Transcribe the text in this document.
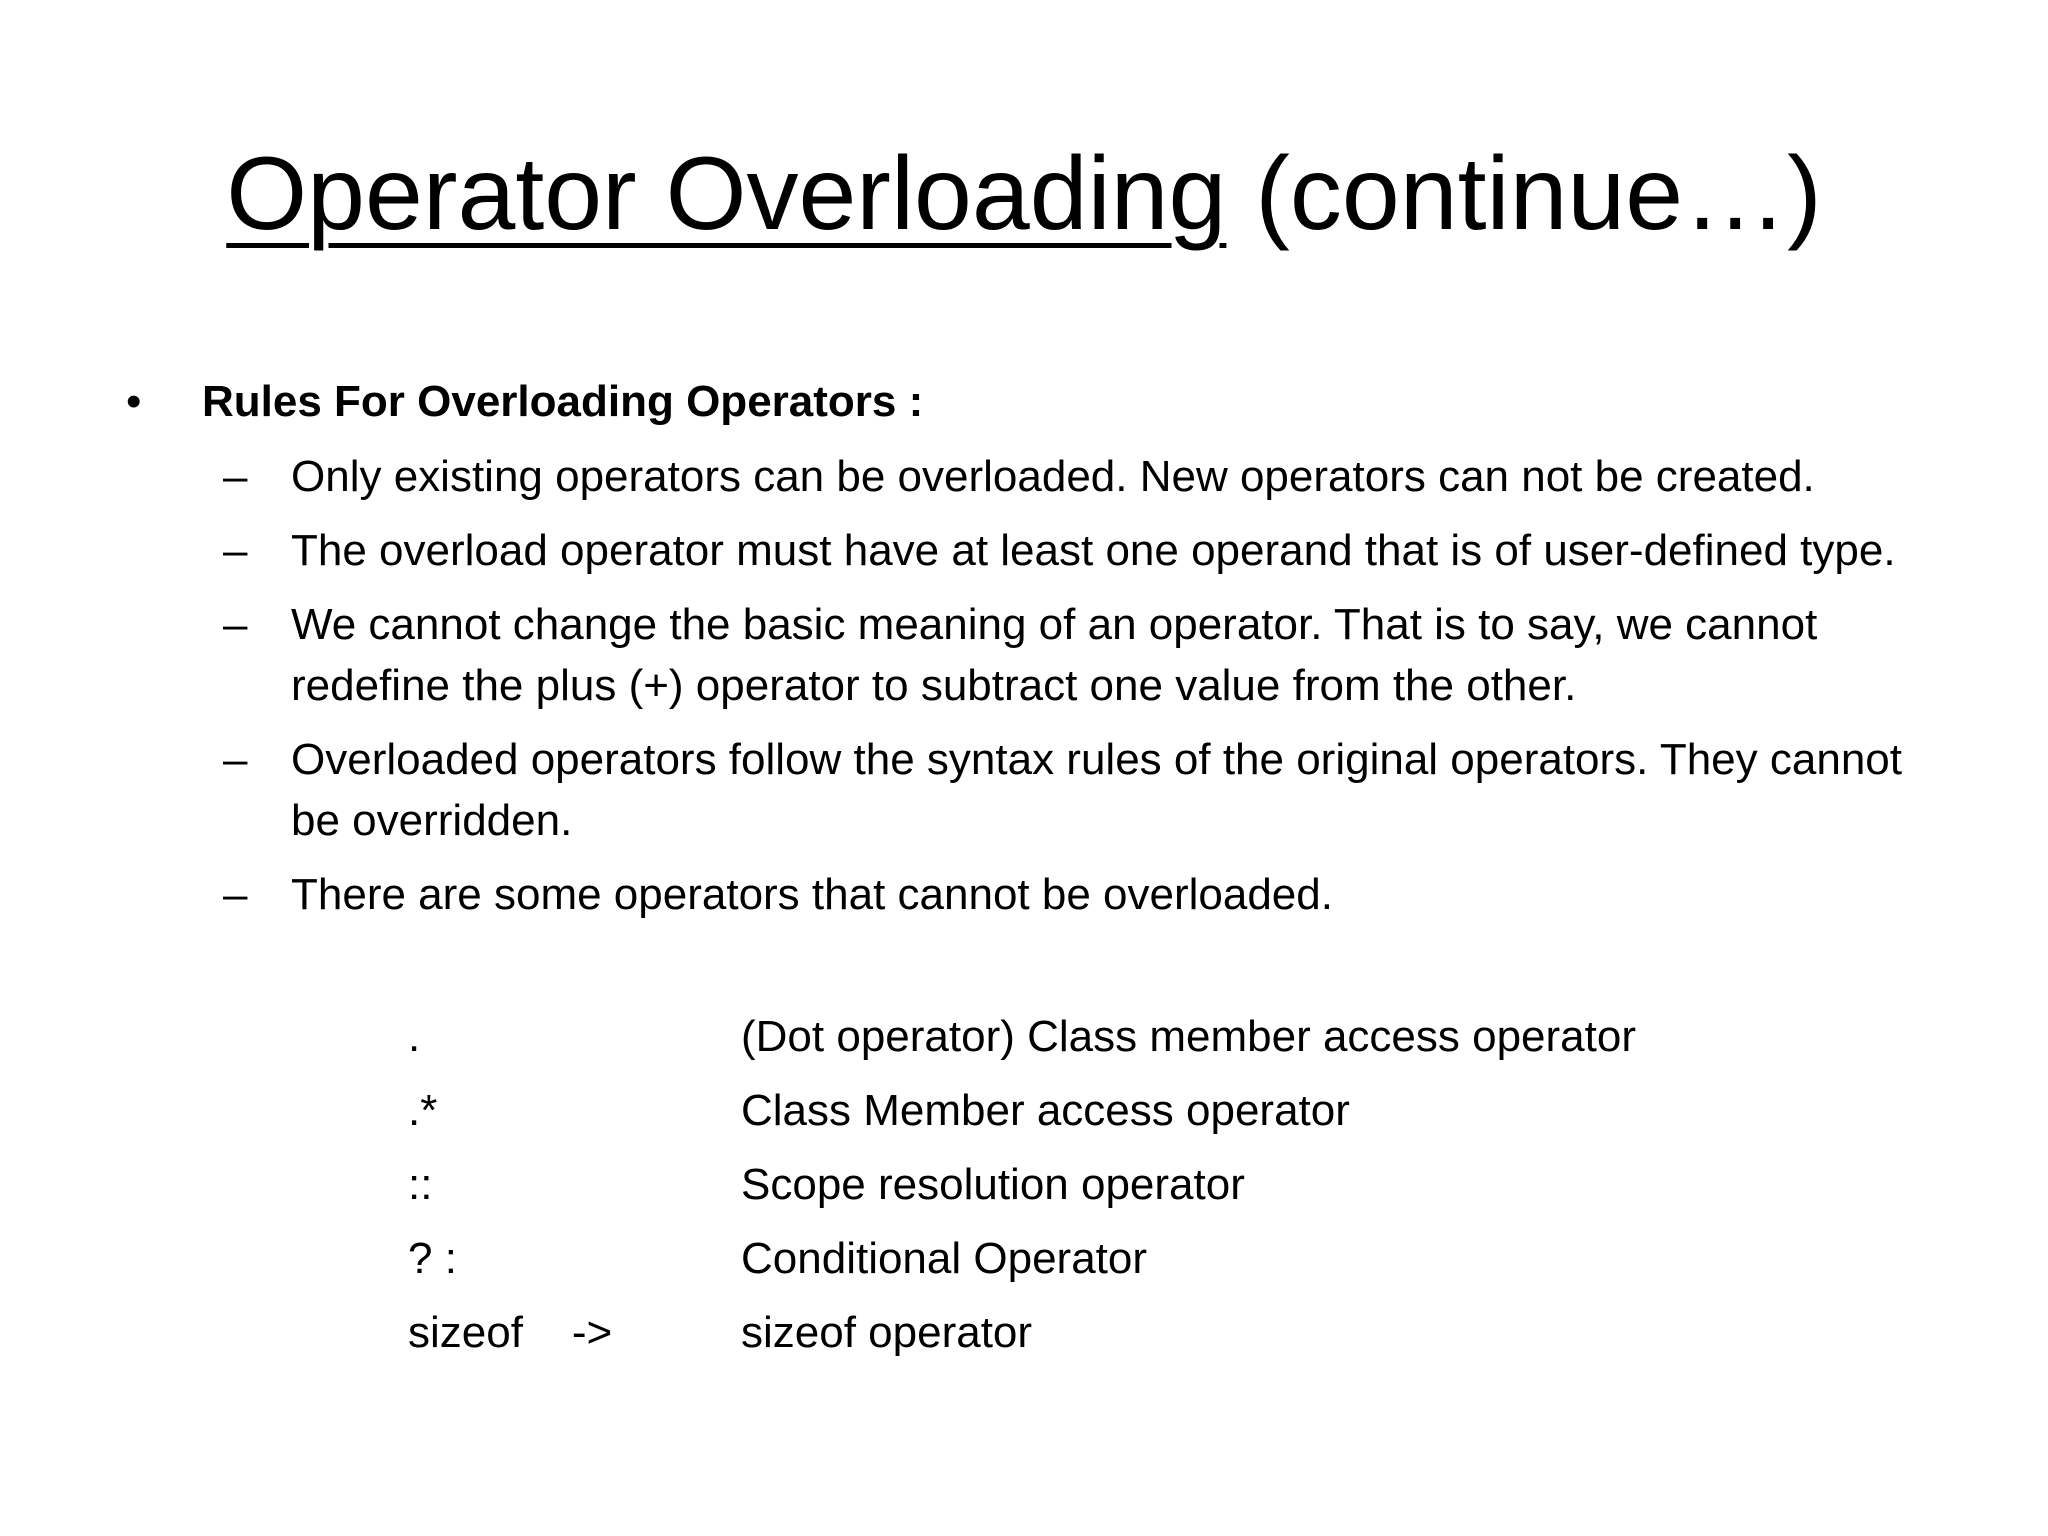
Operator Overloading (continue…)
• Rules For Overloading Operators :
– Only existing operators can be overloaded. New operators can not be created.
– The overload operator must have at least one operand that is of user-defined type.
– We cannot change the basic meaning of an operator. That is to say, we cannot redefine the plus (+) operator to subtract one value from the other.
– Overloaded operators follow the syntax rules of the original operators. They cannot be overridden.
– There are some operators that cannot be overloaded.
.	(Dot operator) Class member access operator
.*	Class Member access operator
::	Scope resolution operator
? :	Conditional Operator
sizeof    ->	sizeof operator
